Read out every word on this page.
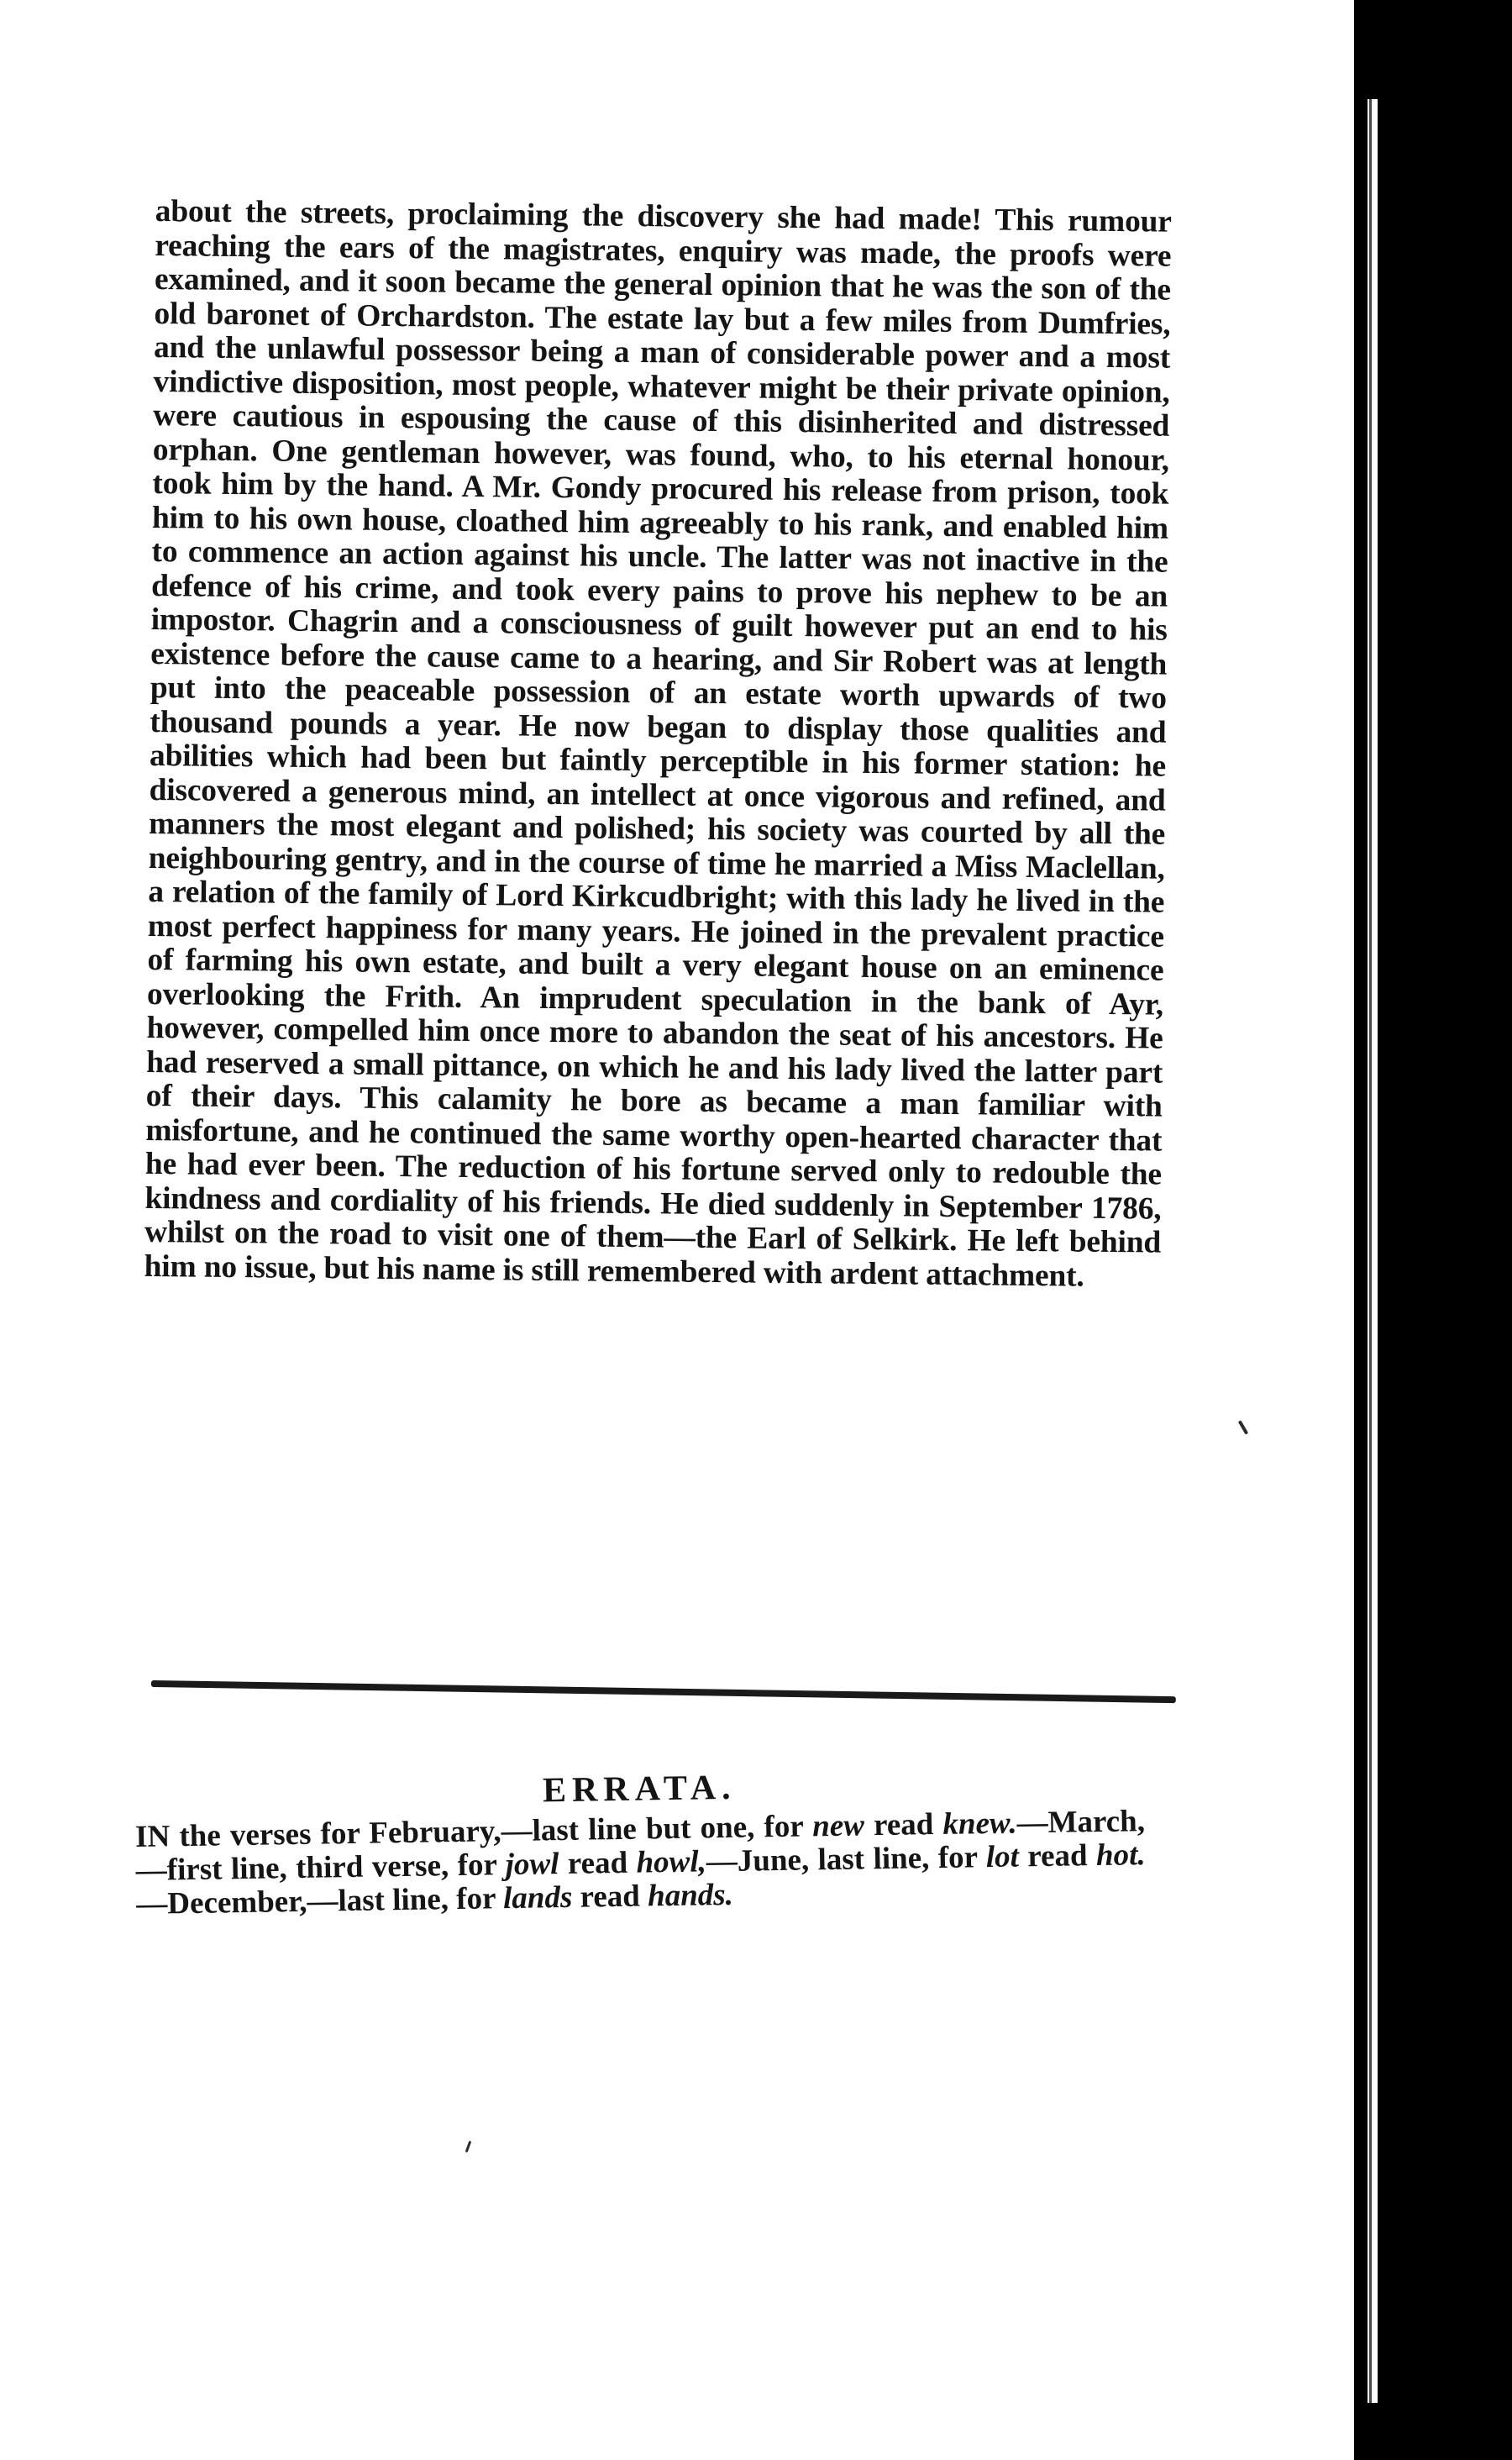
about the streets, proclaiming the discovery she had made! This rumour reaching the ears of the magistrates, enquiry was made, the proofs were examined, and it soon became the general opinion that he was the son of the old baronet of Orchardston. The estate lay but a few miles from Dumfries, and the unlawful possessor being a man of considerable power and a most vindictive disposition, most people, whatever might be their private opinion, were cautious in espousing the cause of this disinherited and distressed orphan. One gentleman however, was found, who, to his eternal honour, took him by the hand. A Mr. Gondy procured his release from prison, took him to his own house, cloathed him agreeably to his rank, and enabled him to commence an action against his uncle. The latter was not inactive in the defence of his crime, and took every pains to prove his nephew to be an impostor. Chagrin and a consciousness of guilt however put an end to his existence before the cause came to a hearing, and Sir Robert was at length put into the peaceable possession of an estate worth upwards of two thousand pounds a year. He now began to display those qualities and abilities which had been but faintly perceptible in his former station: he discovered a generous mind, an intellect at once vigorous and refined, and manners the most elegant and polished; his society was courted by all the neighbouring gentry, and in the course of time he married a Miss Maclellan, a relation of the family of Lord Kirkcudbright; with this lady he lived in the most perfect happiness for many years. He joined in the prevalent practice of farming his own estate, and built a very elegant house on an eminence overlooking the Frith. An imprudent speculation in the bank of Ayr, however, compelled him once more to abandon the seat of his ancestors. He had reserved a small pittance, on which he and his lady lived the latter part of their days. This calamity he bore as became a man familiar with misfortune, and he continued the same worthy open-hearted character that he had ever been. The reduction of his fortune served only to redouble the kindness and cordiality of his friends. He died suddenly in September 1786, whilst on the road to visit one of them—the Earl of Selkirk. He left behind him no issue, but his name is still remembered with ardent attachment.

ERRATA.

IN the verses for February,—last line but one, for new read knew.—March,—first line, third verse, for jowl read howl,—June, last line, for lot read hot.—December,—last line, for lands read hands.
